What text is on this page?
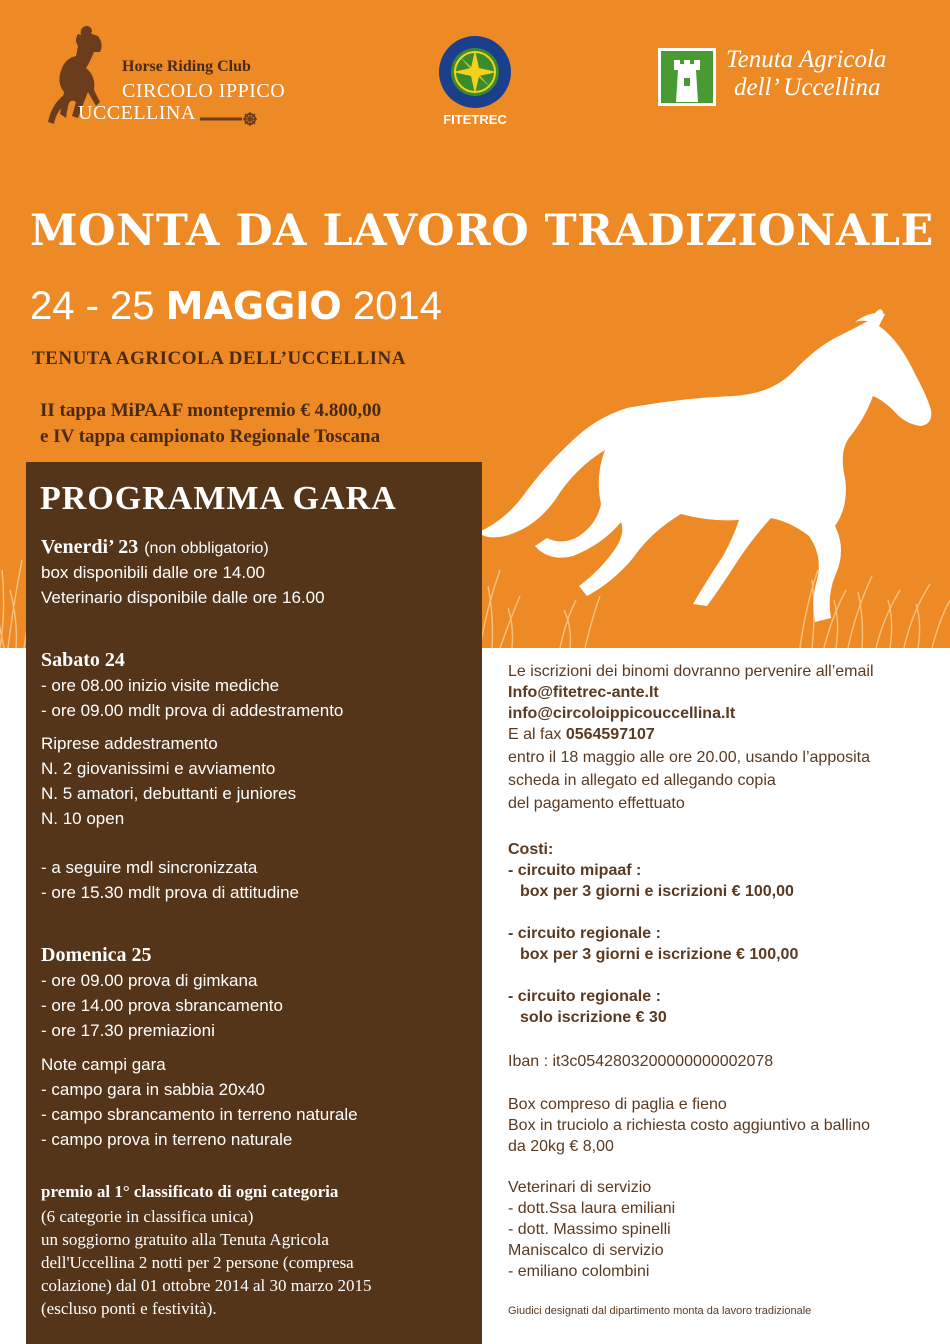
Horse Riding Club
CIRCOLO IPPICO
UCCELLINA	FITETREC
Tenuta Agricola
dell’ Uccellina
MONTA DA LAVORO TRADIZIONALE
24 - 25 MAGGIO 2014
TENUTA AGRICOLA DELL’UCCELLINA
II tappa MiPAAF montepremio € 4.800,00
e IV tappa campionato Regionale Toscana
PROGRAMMA GARA
Venerdi’ 23 (non obbligatorio)
box disponibili dalle ore 14.00
Veterinario disponibile dalle ore 16.00
Sabato 24
- ore 08.00 inizio visite mediche
- ore 09.00 mdlt prova di addestramento
Riprese addestramento
N. 2 giovanissimi e avviamento
N. 5 amatori, debuttanti e juniores
N. 10 open
- a seguire mdl sincronizzata
- ore 15.30 mdlt prova di attitudine
Domenica 25
- ore 09.00 prova di gimkana
- ore 14.00 prova sbrancamento
- ore 17.30 premiazioni
Note campi gara
- campo gara in sabbia 20x40
- campo sbrancamento in terreno naturale
- campo prova in terreno naturale
premio al 1° classificato di ogni categoria
(6 categorie in classifica unica)
un soggiorno gratuito alla Tenuta Agricola
dell'Uccellina 2 notti per 2 persone (compresa
colazione) dal 01 ottobre 2014 al 30 marzo 2015
(escluso ponti e festività).
Le iscrizioni dei binomi dovranno pervenire all’email
Info@fitetrec-ante.It
info@circoloippicouccellina.It
E al fax 0564597107
entro il 18 maggio alle ore 20.00, usando l’apposita
scheda in allegato ed allegando copia
del pagamento effettuato
Costi:
- circuito mipaaf :
box per 3 giorni e iscrizioni € 100,00
- circuito regionale :
box per 3 giorni e iscrizione € 100,00
- circuito regionale :
solo iscrizione € 30
Iban : it3c0542803200000000002078
Box compreso di paglia e fieno
Box in truciolo a richiesta costo aggiuntivo a ballino
da 20kg € 8,00
Veterinari di servizio
- dott.Ssa laura emiliani
- dott. Massimo spinelli
Maniscalco di servizio
- emiliano colombini
Giudici designati dal dipartimento monta da lavoro tradizionale
